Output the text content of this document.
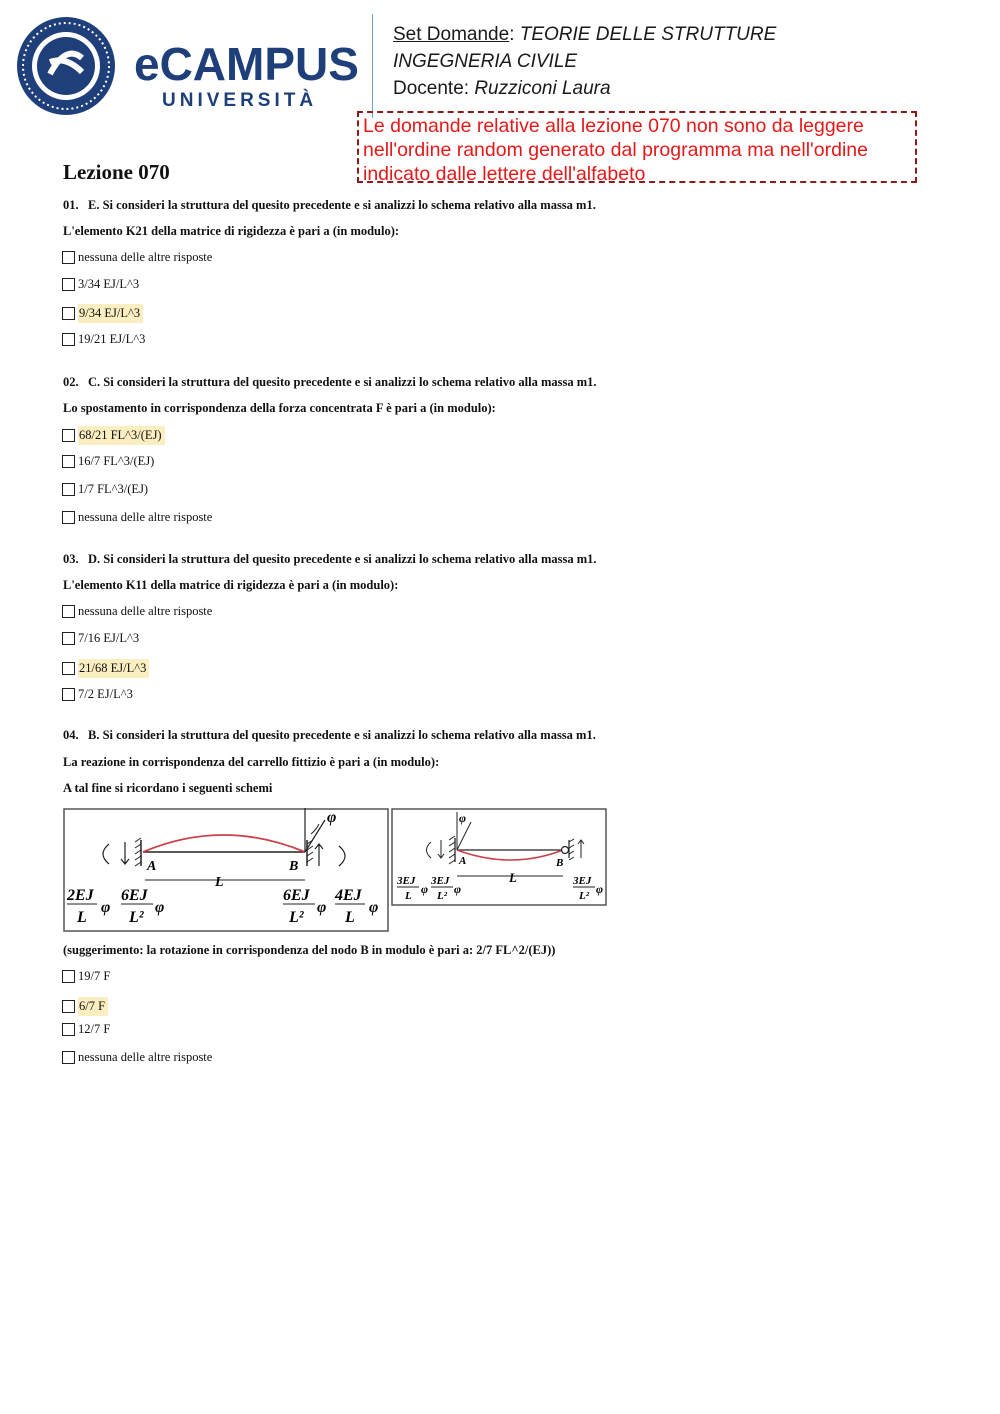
eCAMPUS
UNIVERSITÀ
Set Domande: TEORIE DELLE STRUTTURE
INGEGNERIA CIVILE
Docente: Ruzziconi Laura
Le domande relative alla lezione 070 non sono da leggere
nell'ordine random generato dal programma ma nell'ordine
indicato dalle lettere dell'alfabeto
Lezione 070
01. E. Si consideri la struttura del quesito precedente e si analizzi lo schema relativo alla massa m1.
L'elemento K21 della matrice di rigidezza è pari a (in modulo):
nessuna delle altre risposte
3/34 EJ/L^3
9/34 EJ/L^3
19/21 EJ/L^3
02. C. Si consideri la struttura del quesito precedente e si analizzi lo schema relativo alla massa m1.
Lo spostamento in corrispondenza della forza concentrata F è pari a (in modulo):
68/21 FL^3/(EJ)
16/7 FL^3/(EJ)
1/7 FL^3/(EJ)
nessuna delle altre risposte
03. D. Si consideri la struttura del quesito precedente e si analizzi lo schema relativo alla massa m1.
L'elemento K11 della matrice di rigidezza è pari a (in modulo):
nessuna delle altre risposte
7/16 EJ/L^3
21/68 EJ/L^3
7/2 EJ/L^3
04. B. Si consideri la struttura del quesito precedente e si analizzi lo schema relativo alla massa m1.
La reazione in corrispondenza del carrello fittizio è pari a (in modulo):
A tal fine si ricordano i seguenti schemi
φ
A	B
L
2EJ
L
φ
6EJ
L²
φ
6EJ
L²
φ
4EJ
L
φ
φ
A	B
L
3EJ
L φ
3EJ
L² φ
3EJ
L² φ
(suggerimento: la rotazione in corrispondenza del nodo B in modulo è pari a: 2/7 FL^2/(EJ))
19/7 F
6/7 F
12/7 F
nessuna delle altre risposte
